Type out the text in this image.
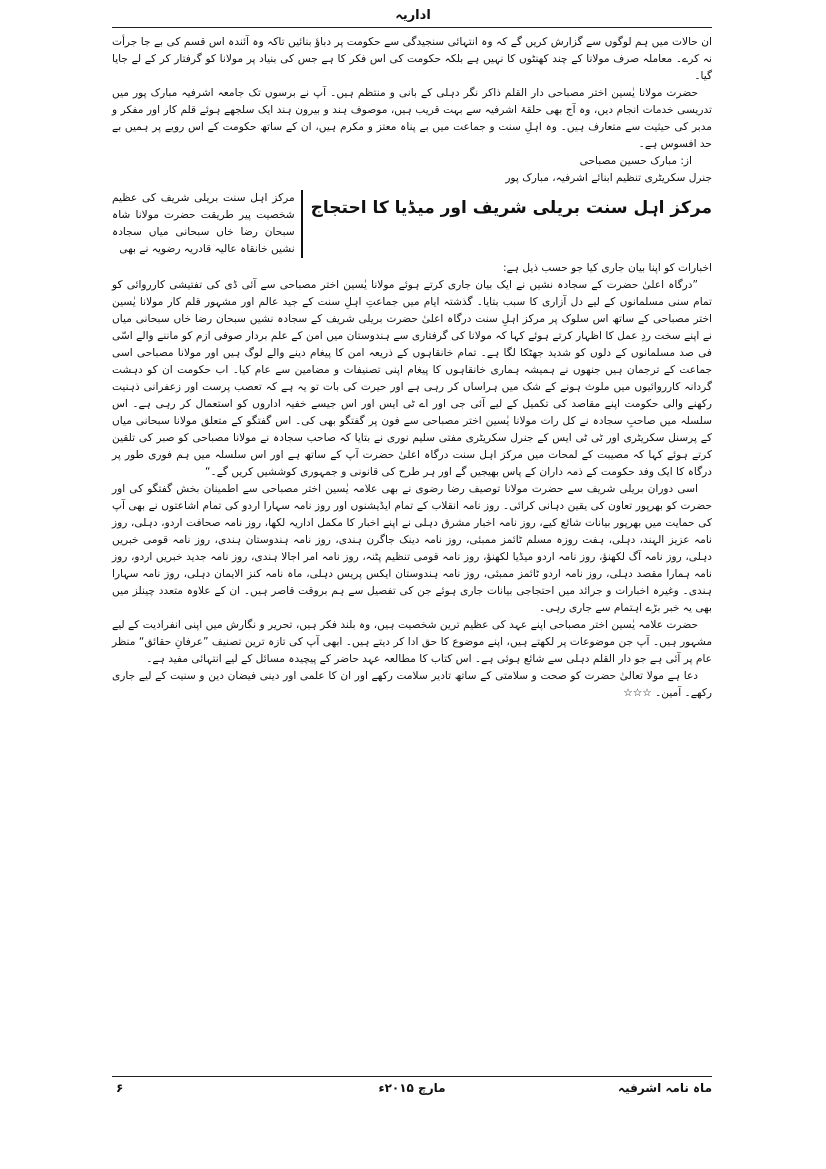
اداریہ

ان حالات میں ہم لوگوں سے گزارش کریں گے کہ وہ انتہائی سنجیدگی سے حکومت پر دباؤ بنائیں تاکہ وہ آئندہ اس قسم کی بے جا جرأت نہ کرے۔ معاملہ صرف مولانا کے چند کھنٹوں کا نہیں ہے بلکہ حکومت کی اس فکر کا ہے جس کی بنیاد پر مولانا کو گرفتار کر کے لے جایا گیا۔

حضرت مولانا یٰسین اختر مصباحی دار القلم ذاکر نگر دہلی کے بانی و منتظم ہیں۔ آپ نے برسوں تک جامعہ اشرفیہ مبارک پور میں تدریسی خدمات انجام دیں، وہ آج بھی حلقۂ اشرفیہ سے بہت قریب ہیں، موصوف ہند و بیرون ہند ایک سلجھے ہوئے قلم کار اور مفکر و مدبر کی حیثیت سے متعارف ہیں۔ وہ اہلِ سنت و جماعت میں بے پناہ معتز و مکرم ہیں، ان کے ساتھ حکومت کے اس رویے پر ہمیں بے حد افسوس ہے۔

از: مبارک حسین مصباحی

جنرل سکریٹری تنظیم ابنائے اشرفیہ، مبارک پور

مرکز اہل سنت بریلی شریف اور میڈیا کا احتجاج
مرکز اہل سنت بریلی شریف کی عظیم شخصیت پیر طریقت حضرت مولانا شاہ سبحان رضا خاں سبحانی میاں سجادہ نشیں خانقاہ عالیہ قادریہ رضویہ نے بھی

اخبارات کو اپنا بیان جاری کیا جو حسب ذیل ہے:

”درگاہ اعلیٰ حضرت کے سجادہ نشیں نے ایک بیان جاری کرتے ہوئے مولانا یٰسین اختر مصباحی سے آئی ڈی کی تفتیشی کارروائی کو تمام سنی مسلمانوں کے لیے دل آزاری کا سبب بتایا۔ گذشتہ ایام میں جماعتِ اہلِ سنت کے جید عالم اور مشہور قلم کار مولانا یٰسین اختر مصباحی کے ساتھ اس سلوک پر مرکز اہلِ سنت درگاہ اعلیٰ حضرت بریلی شریف کے سجادہ نشیں سبحان رضا خاں سبحانی میاں نے اپنے سخت ردِ عمل کا اظہار کرتے ہوئے کہا کہ مولانا کی گرفتاری سے ہندوستان میں امن کے علم بردار صوفی ازم کو ماننے والے اسّی فی صد مسلمانوں کے دلوں کو شدید جھٹکا لگا ہے۔ تمام خانقاہوں کے ذریعہ امن کا پیغام دینے والے لوگ ہیں اور مولانا مصباحی اسی جماعت کے ترجمان ہیں جنھوں نے ہمیشہ ہماری خانقاہوں کا پیغام اپنی تصنیفات و مضامین سے عام کیا۔ اب حکومت ان کو دہشت گردانہ کارروائیوں میں ملوث ہونے کے شک میں ہراساں کر رہی ہے اور حیرت کی بات تو یہ ہے کہ تعصب پرست اور زعفرانی ذہنیت رکھنے والی حکومت اپنے مقاصد کی تکمیل کے لیے آئی جی اور اے ٹی ایس اور اس جیسے خفیہ اداروں کو استعمال کر رہی ہے۔ اس سلسلہ میں صاحبِ سجادہ نے کل رات مولانا یٰسین اختر مصباحی سے فون پر گفتگو بھی کی۔ اس گفتگو کے متعلق مولانا سبحانی میاں کے پرسنل سکریٹری اور ٹی ٹی ایس کے جنرل سکریٹری مفتی سلیم نوری نے بتایا کہ صاحب سجادہ نے مولانا مصباحی کو صبر کی تلقین کرتے ہوئے کہا کہ مصیبت کے لمحات میں مرکز اہل سنت درگاہ اعلیٰ حضرت آپ کے ساتھ ہے اور اس سلسلہ میں ہم فوری طور پر درگاہ کا ایک وفد حکومت کے ذمہ داران کے پاس بھیجیں گے اور ہر طرح کی قانونی و جمہوری کوششیں کریں گے۔“

اسی دوران بریلی شریف سے حضرت مولانا توصیف رضا رضوی نے بھی علامہ یٰسین اختر مصباحی سے اطمینان بخش گفتگو کی اور حضرت کو بھرپور تعاون کی یقین دہانی کرائی۔ روز نامہ انقلاب کے تمام ایڈیشنوں اور روز نامہ سہارا اردو کی تمام اشاعتوں نے بھی آپ کی حمایت میں بھرپور بیانات شائع کیے، روز نامہ اخبار مشرق دہلی نے اپنے اخبار کا مکمل اداریہ لکھا، روز نامہ صحافت اردو، دہلی، روز نامہ عزیز الہند، دہلی، ہفت روزہ مسلم ٹائمز ممبئی، روز نامہ دینک جاگرن ہندی، روز نامہ ہندوستان ہندی، روز نامہ قومی خبریں دہلی، روز نامہ آگ لکھنؤ، روز نامہ اردو میڈیا لکھنؤ، روز نامہ قومی تنظیم پٹنہ، روز نامہ امر اجالا ہندی، روز نامہ جدید خبریں اردو، روز نامہ ہمارا مقصد دہلی، روز نامہ اردو ٹائمز ممبئی، روز نامہ ہندوستان ایکس پریس دہلی، ماہ نامہ کنز الایمان دہلی، روز نامہ سہارا ہندی۔ وغیرہ اخبارات و جرائد میں احتجاجی بیانات جاری ہوئے جن کی تفصیل سے ہم بروقت قاصر ہیں۔ ان کے علاوہ متعدد چینلز میں بھی یہ خبر بڑے اہتمام سے جاری رہی۔

حضرت علامہ یٰسین اختر مصباحی اپنے عہد کی عظیم ترین شخصیت ہیں، وہ بلند فکر ہیں، تحریر و نگارش میں اپنی انفرادیت کے لیے مشہور ہیں۔ آپ جن موضوعات پر لکھتے ہیں، اپنے موضوع کا حق ادا کر دیتے ہیں۔ ابھی آپ کی تازہ ترین تصنیف ”عرفانِ حقائق“ منظر عام پر آئی ہے جو دار القلم دہلی سے شائع ہوئی ہے۔ اس کتاب کا مطالعہ عہد حاضر کے پیچیدہ مسائل کے لیے انتہائی مفید ہے۔

دعا ہے مولا تعالیٰ حضرت کو صحت و سلامتی کے ساتھ تادیر سلامت رکھے اور ان کا علمی اور دینی فیضان دین و سنیت کے لیے جاری رکھے۔ آمین۔ ☆☆☆

ماہ نامہ اشرفیہ
مارچ ۲۰۱۵ء
۶
